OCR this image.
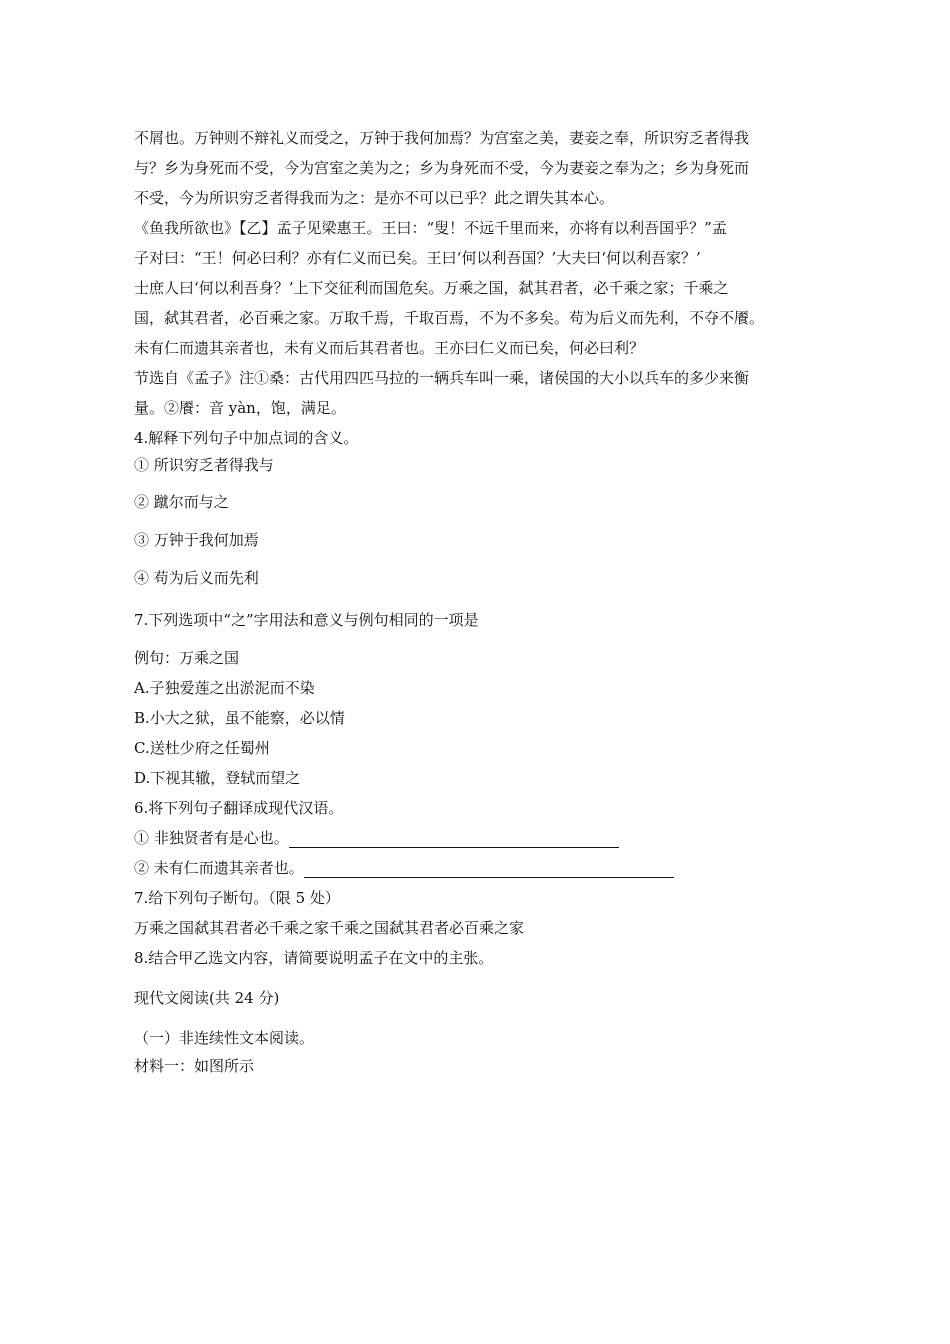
不屑也。万钟则不辩礼义而受之，万钟于我何加焉？为宫室之美，妻妾之奉，所识穷乏者得我
与？乡为身死而不受，今为宫室之美为之；乡为身死而不受，今为妻妾之奉为之；乡为身死而
不受，今为所识穷乏者得我而为之：是亦不可以已乎？此之谓失其本心。
《鱼我所欲也》【乙】孟子见梁惠王。王曰：“叟！不远千里而来，亦将有以利吾国乎？”孟
子对曰：“王！何必曰利？亦有仁义而已矣。王曰‘何以利吾国？’大夫曰‘何以利吾家？’
士庶人曰‘何以利吾身？’上下交征利而国危矣。万乘之国，弑其君者，必千乘之家；千乘之
国，弑其君者，必百乘之家。万取千焉，千取百焉，不为不多矣。苟为后义而先利，不夺不餍。
未有仁而遗其亲者也，未有义而后其君者也。王亦曰仁义而已矣，何必曰利？
节选自《孟子》注①桑：古代用四匹马拉的一辆兵车叫一乘，诸侯国的大小以兵车的多少来衡
量。②餍：音 yàn，饱，满足。
4.解释下列句子中加点词的含义。
① 所识穷乏者得我与
② 蹴尔而与之
③ 万钟于我何加焉
④ 苟为后义而先利
7.下列选项中“之”字用法和意义与例句相同的一项是
例句：万乘之国
A.子独爱莲之出淤泥而不染
B.小大之狱，虽不能察，必以情
C.送杜少府之任蜀州
D.下视其辙，登轼而望之
6.将下列句子翻译成现代汉语。
① 非独贤者有是心也。
② 未有仁而遗其亲者也。
7.给下列句子断句。（限 5 处）
万乘之国弑其君者必千乘之家千乘之国弑其君者必百乘之家
8.结合甲乙选文内容，请简要说明孟子在文中的主张。
现代文阅读(共 24 分)
（一）非连续性文本阅读。
材料一：如图所示
